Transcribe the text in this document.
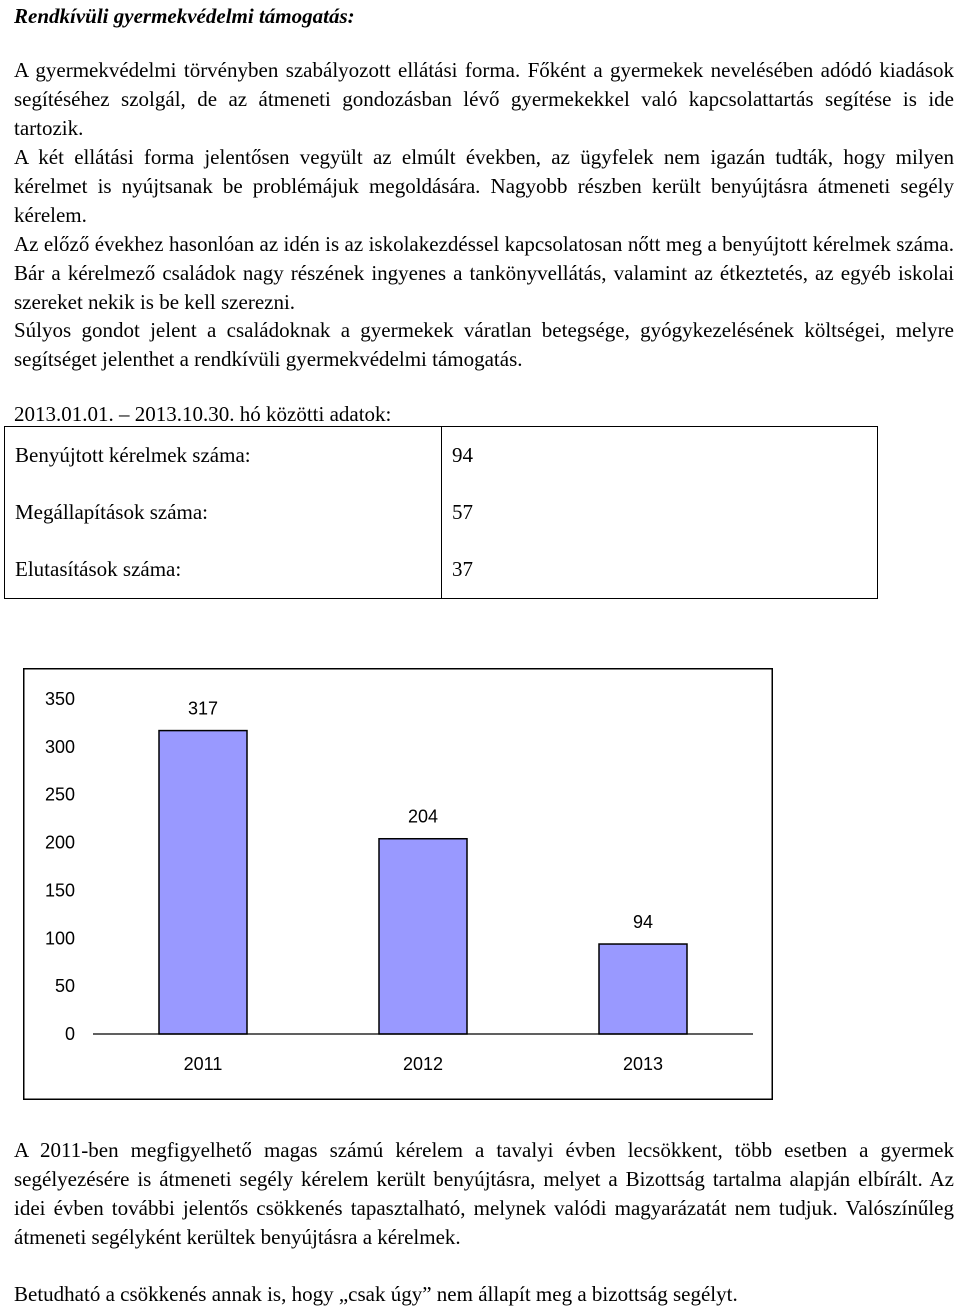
Rendkívüli gyermekvédelmi támogatás:

A gyermekvédelmi törvényben szabályozott ellátási forma. Főként a gyermekek nevelésében adódó kiadások segítéséhez szolgál, de az átmeneti gondozásban lévő gyermekekkel való kapcsolattartás segítése is ide tartozik.

A két ellátási forma jelentősen vegyült az elmúlt években, az ügyfelek nem igazán tudták, hogy milyen kérelmet is nyújtsanak be problémájuk megoldására. Nagyobb részben került benyújtásra átmeneti segély kérelem.

Az előző évekhez hasonlóan az idén is az iskolakezdéssel kapcsolatosan nőtt meg a benyújtott kérelmek száma. Bár a kérelmező családok nagy részének ingyenes a tankönyvellátás, valamint az étkeztetés, az egyéb iskolai szereket nekik is be kell szerezni.

Súlyos gondot jelent a családoknak a gyermekek váratlan betegsége, gyógykezelésének költségei, melyre segítséget jelenthet a rendkívüli gyermekvédelmi támogatás.

2013.01.01. – 2013.10.30. hó közötti adatok:
Benyújtott kérelmek száma:	94
Megállapítások száma:	57
Elutasítások száma:	37

A 2011-ben megfigyelhető magas számú kérelem a tavalyi évben lecsökkent, több esetben a gyermek segélyezésére is átmeneti segély kérelem került benyújtásra, melyet a Bizottság tartalma alapján elbírált. Az idei évben további jelentős csökkenés tapasztalható, melynek valódi magyarázatát nem tudjuk. Valószínűleg átmeneti segélyként kerültek benyújtásra a kérelmek.

Betudható a csökkenés annak is, hogy „csak úgy” nem állapít meg a bizottság segélyt.

0
50
100
150
200
250
300
350	317
2011
204
2012
94
2013
